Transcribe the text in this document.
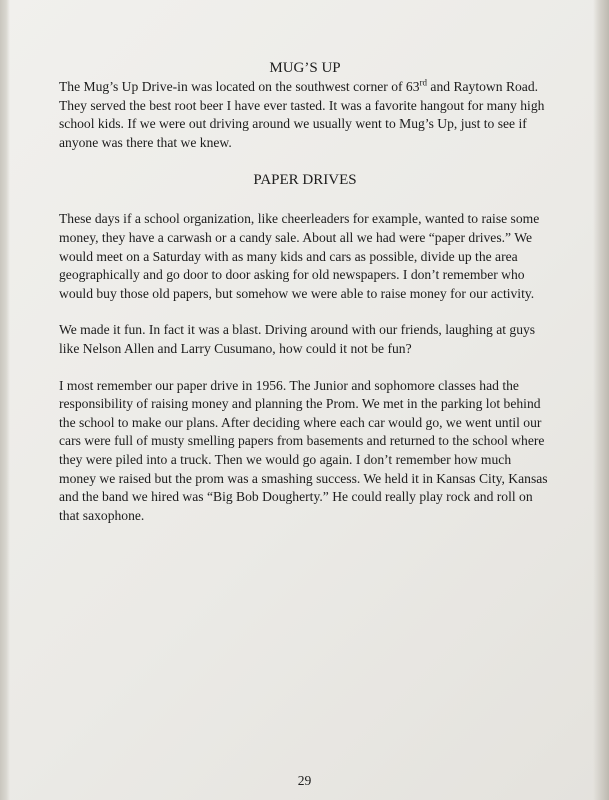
MUG’S UP

The Mug’s Up Drive-in was located on the southwest corner of 63rd and Raytown Road. They served the best root beer I have ever tasted. It was a favorite hangout for many high school kids. If we were out driving around we usually went to Mug’s Up, just to see if anyone was there that we knew.

PAPER DRIVES

These days if a school organization, like cheerleaders for example, wanted to raise some money, they have a carwash or a candy sale. About all we had were “paper drives.” We would meet on a Saturday with as many kids and cars as possible, divide up the area geographically and go door to door asking for old newspapers. I don’t remember who would buy those old papers, but somehow we were able to raise money for our activity.

We made it fun. In fact it was a blast. Driving around with our friends, laughing at guys like Nelson Allen and Larry Cusumano, how could it not be fun?

I most remember our paper drive in 1956. The Junior and sophomore classes had the responsibility of raising money and planning the Prom. We met in the parking lot behind the school to make our plans. After deciding where each car would go, we went until our cars were full of musty smelling papers from basements and returned to the school where they were piled into a truck. Then we would go again. I don’t remember how much money we raised but the prom was a smashing success. We held it in Kansas City, Kansas and the band we hired was “Big Bob Dougherty.” He could really play rock and roll on that saxophone.

29
